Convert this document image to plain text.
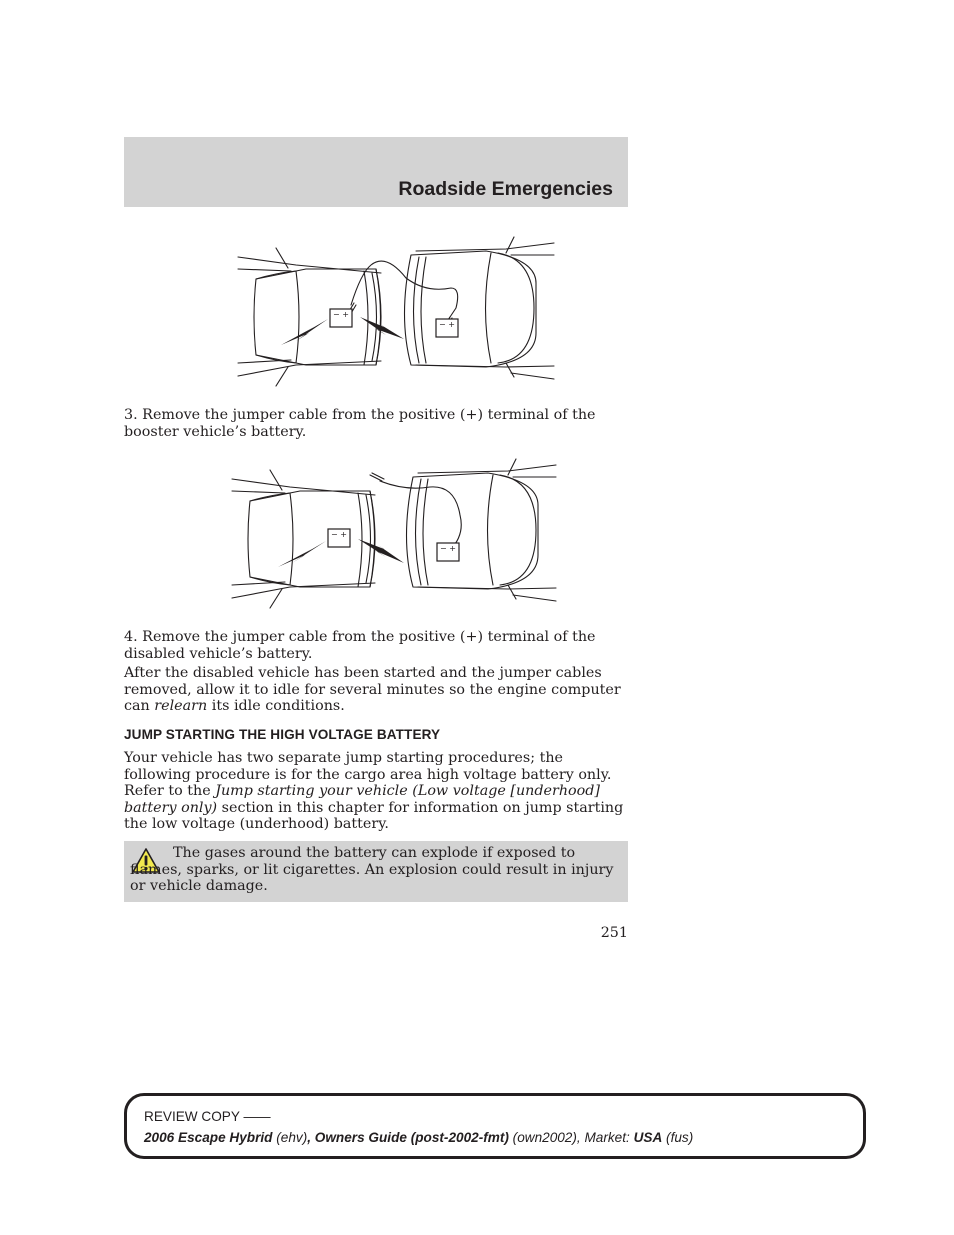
Roadside Emergencies
− +
− +

3. Remove the jumper cable from the positive (+) terminal of the booster vehicle’s battery.

− +
− +

4. Remove the jumper cable from the positive (+) terminal of the disabled vehicle’s battery.

After the disabled vehicle has been started and the jumper cables removed, allow it to idle for several minutes so the engine computer can relearn its idle conditions.

JUMP STARTING THE HIGH VOLTAGE BATTERY

Your vehicle has two separate jump starting procedures; the following procedure is for the cargo area high voltage battery only. Refer to the Jump starting your vehicle (Low voltage [underhood] battery only) section in this chapter for information on jump starting the low voltage (underhood) battery.

The gases around the battery can explode if exposed to flames, sparks, or lit cigarettes. An explosion could result in injury or vehicle damage.

251

REVIEW COPY ——

2006 Escape Hybrid (ehv), Owners Guide (post-2002-fmt) (own2002), Market: USA (fus)
